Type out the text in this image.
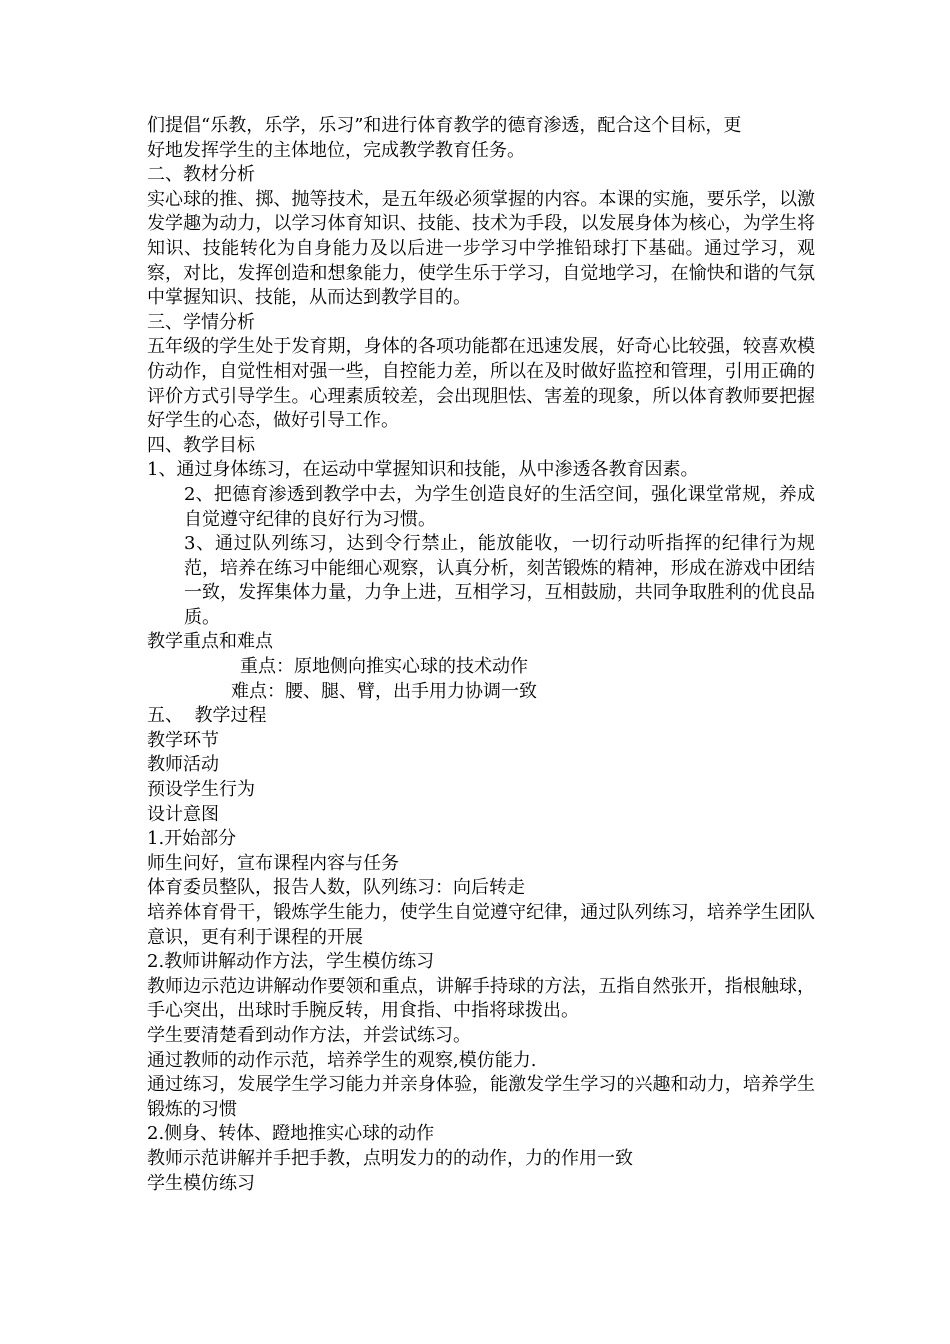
们提倡“乐教，乐学，乐习”和进行体育教学的德育渗透，配合这个目标，更
好地发挥学生的主体地位，完成教学教育任务。
二、教材分析
实心球的推、掷、抛等技术，是五年级必须掌握的内容。本课的实施，要乐学，以激发学趣为动力，以学习体育知识、技能、技术为手段，以发展身体为核心，为学生将知识、技能转化为自身能力及以后进一步学习中学推铅球打下基础。通过学习，观察，对比，发挥创造和想象能力，使学生乐于学习，自觉地学习，在愉快和谐的气氛中掌握知识、技能，从而达到教学目的。
三、学情分析
五年级的学生处于发育期，身体的各项功能都在迅速发展，好奇心比较强，较喜欢模仿动作，自觉性相对强一些，自控能力差，所以在及时做好监控和管理，引用正确的评价方式引导学生。心理素质较差，会出现胆怯、害羞的现象，所以体育教师要把握好学生的心态，做好引导工作。
四、教学目标
1、通过身体练习，在运动中掌握知识和技能，从中渗透各教育因素。
2、把德育渗透到教学中去，为学生创造良好的生活空间，强化课堂常规，养成自觉遵守纪律的良好行为习惯。
3、通过队列练习，达到令行禁止，能放能收，一切行动听指挥的纪律行为规范，培养在练习中能细心观察，认真分析，刻苦锻炼的精神，形成在游戏中团结一致，发挥集体力量，力争上进，互相学习，互相鼓励，共同争取胜利的优良品质。
教学重点和难点
重点：原地侧向推实心球的技术动作
难点：腰、腿、臂，出手用力协调一致
五、  教学过程
教学环节
教师活动
预设学生行为
设计意图
1.开始部分
师生问好，宣布课程内容与任务
体育委员整队，报告人数，队列练习：向后转走
培养体育骨干，锻炼学生能力，使学生自觉遵守纪律，通过队列练习，培养学生团队意识，更有利于课程的开展
2.教师讲解动作方法，学生模仿练习
教师边示范边讲解动作要领和重点，讲解手持球的方法，五指自然张开，指根触球，手心突出，出球时手腕反转，用食指、中指将球拨出。
学生要清楚看到动作方法，并尝试练习。
通过教师的动作示范，培养学生的观察,模仿能力.
通过练习，发展学生学习能力并亲身体验，能激发学生学习的兴趣和动力，培养学生锻炼的习惯
2.侧身、转体、蹬地推实心球的动作
教师示范讲解并手把手教，点明发力的的动作，力的作用一致
学生模仿练习
